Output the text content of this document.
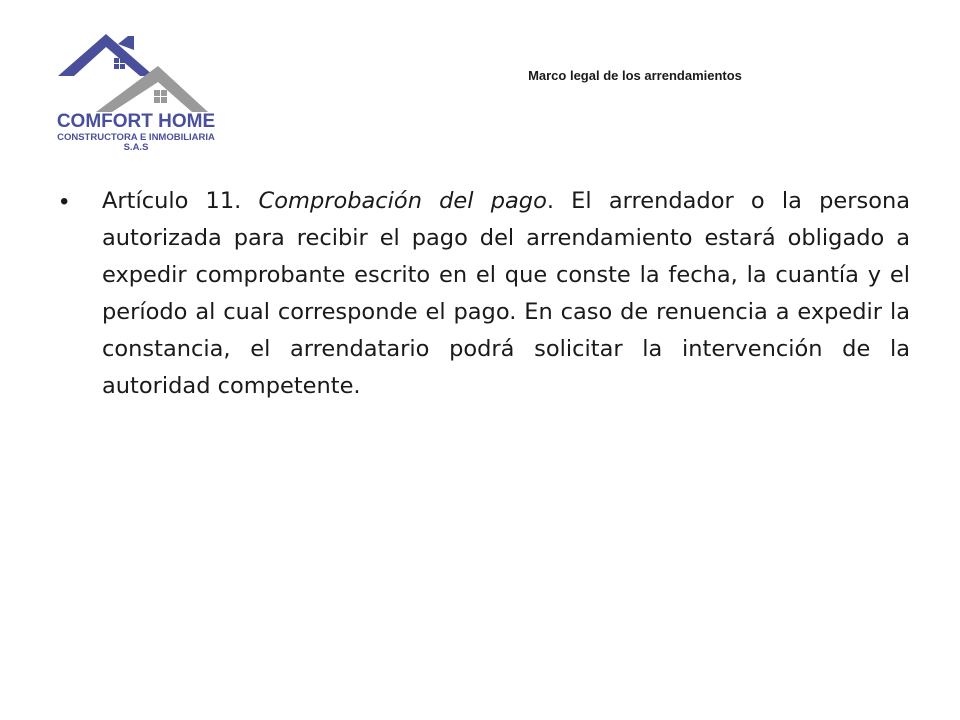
COMFORT HOME
CONSTRUCTORA E INMOBILIARIA
S.A.S
Marco legal de los arrendamientos
• Artículo 11. Comprobación del pago. El arrendador o la persona autorizada para recibir el pago del arrendamiento estará obligado a expedir comprobante escrito en el que conste la fecha, la cuantía y el período al cual corresponde el pago. En caso de renuencia a expedir la constancia, el arrendatario podrá solicitar la intervención de la autoridad competente.
